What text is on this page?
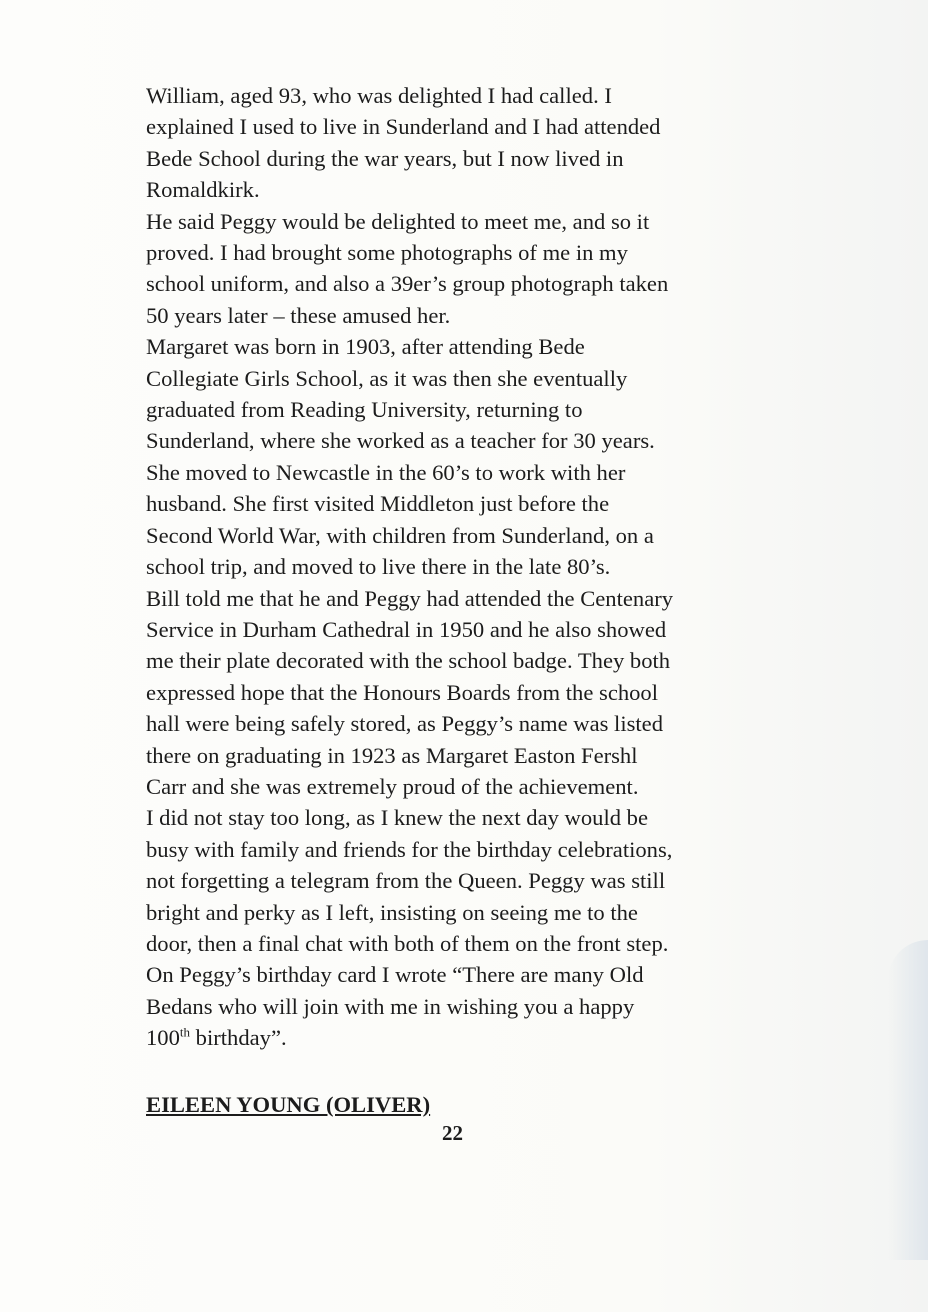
William, aged 93, who was delighted I had called. I
explained I used to live in Sunderland and I had attended
Bede School during the war years, but I now lived in
Romaldkirk.
He said Peggy would be delighted to meet me, and so it
proved. I had brought some photographs of me in my
school uniform, and also a 39er’s group photograph taken
50 years later – these amused her.
Margaret was born in 1903, after attending Bede
Collegiate Girls School, as it was then she eventually
graduated from Reading University, returning to
Sunderland, where she worked as a teacher for 30 years.
She moved to Newcastle in the 60’s to work with her
husband. She first visited Middleton just before the
Second World War, with children from Sunderland, on a
school trip, and moved to live there in the late 80’s.
Bill told me that he and Peggy had attended the Centenary
Service in Durham Cathedral in 1950 and he also showed
me their plate decorated with the school badge. They both
expressed hope that the Honours Boards from the school
hall were being safely stored, as Peggy’s name was listed
there on graduating in 1923 as Margaret Easton Fershl
Carr and she was extremely proud of the achievement.
I did not stay too long, as I knew the next day would be
busy with family and friends for the birthday celebrations,
not forgetting a telegram from the Queen. Peggy was still
bright and perky as I left, insisting on seeing me to the
door, then a final chat with both of them on the front step.
On Peggy’s birthday card I wrote “There are many Old
Bedans who will join with me in wishing you a happy
100th birthday”.
EILEEN YOUNG (OLIVER)
22
